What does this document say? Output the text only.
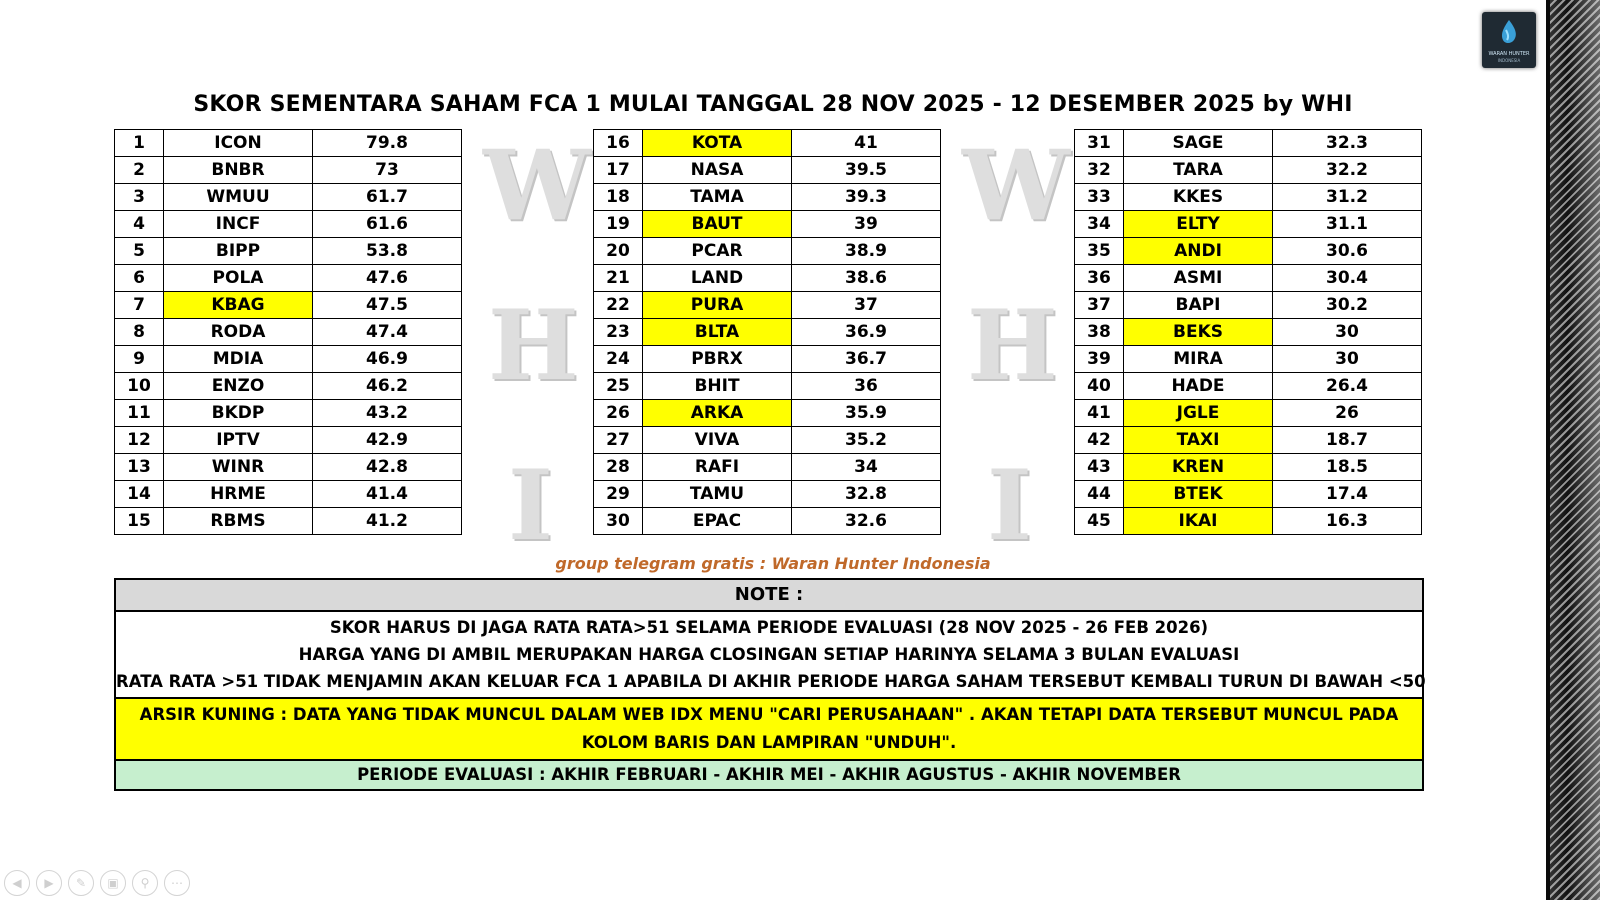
WARAN HUNTER
INDONESIA
SKOR SEMENTARA SAHAM FCA 1 MULAI TANGGAL 28 NOV 2025 - 12 DESEMBER 2025 by WHI
W
H
I
W
H
I
1	ICON	79.8
2	BNBR	73
3	WMUU	61.7
4	INCF	61.6
5	BIPP	53.8
6	POLA	47.6
7	KBAG	47.5
8	RODA	47.4
9	MDIA	46.9
10	ENZO	46.2
11	BKDP	43.2
12	IPTV	42.9
13	WINR	42.8
14	HRME	41.4
15	RBMS	41.2
16	KOTA	41
17	NASA	39.5
18	TAMA	39.3
19	BAUT	39
20	PCAR	38.9
21	LAND	38.6
22	PURA	37
23	BLTA	36.9
24	PBRX	36.7
25	BHIT	36
26	ARKA	35.9
27	VIVA	35.2
28	RAFI	34
29	TAMU	32.8
30	EPAC	32.6
31	SAGE	32.3
32	TARA	32.2
33	KKES	31.2
34	ELTY	31.1
35	ANDI	30.6
36	ASMI	30.4
37	BAPI	30.2
38	BEKS	30
39	MIRA	30
40	HADE	26.4
41	JGLE	26
42	TAXI	18.7
43	KREN	18.5
44	BTEK	17.4
45	IKAI	16.3
group telegram gratis : Waran Hunter Indonesia
NOTE :
SKOR HARUS DI JAGA RATA RATA>51 SELAMA PERIODE EVALUASI (28 NOV 2025 - 26 FEB 2026)
HARGA YANG DI AMBIL MERUPAKAN HARGA CLOSINGAN SETIAP HARINYA SELAMA 3 BULAN EVALUASI
RATA RATA >51 TIDAK MENJAMIN AKAN KELUAR FCA 1 APABILA DI AKHIR PERIODE HARGA SAHAM TERSEBUT KEMBALI TURUN DI BAWAH <50
ARSIR KUNING : DATA YANG TIDAK MUNCUL DALAM WEB IDX MENU "CARI PERUSAHAAN" . AKAN TETAPI DATA TERSEBUT MUNCUL PADA
KOLOM BARIS DAN LAMPIRAN "UNDUH".
PERIODE EVALUASI : AKHIR FEBRUARI - AKHIR MEI - AKHIR AGUSTUS - AKHIR NOVEMBER
◀	▶	✎	▣	⚲	⋯
